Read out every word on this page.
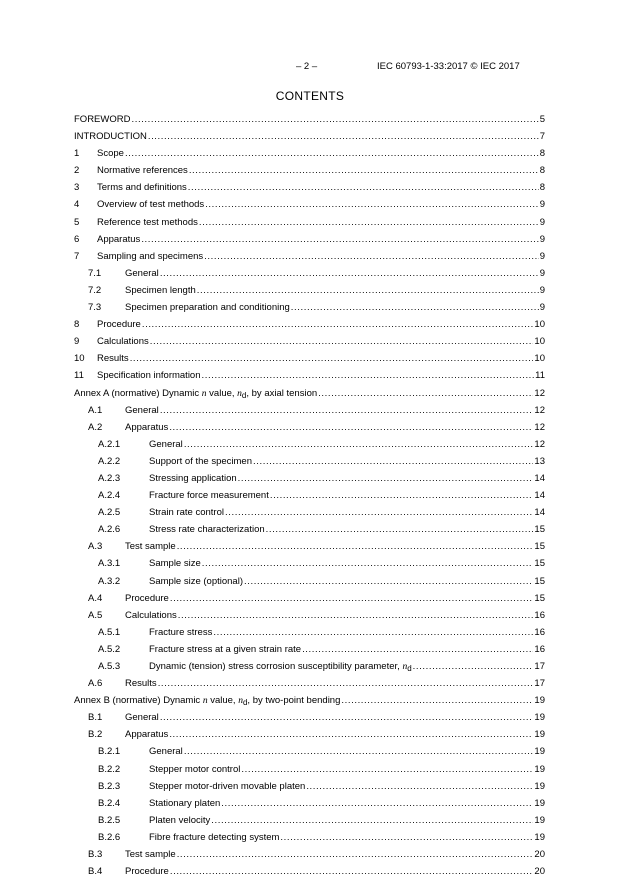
– 2 –	IEC 60793-1-33:2017 © IEC 2017
CONTENTS
FOREWORD .....	5
INTRODUCTION .....	7
1 Scope .....	8
2 Normative references .....	8
3 Terms and definitions .....	8
4 Overview of test methods .....	9
5 Reference test methods .....	9
6 Apparatus .....	9
7 Sampling and specimens .....	9
7.1	General .....	9
7.2	Specimen length .....	9
7.3	Specimen preparation and conditioning .....	9
8 Procedure .....	10
9 Calculations .....	10
10 Results .....	10
11 Specification information .....	11
Annex A (normative) Dynamic n value, $n_d$, by axial tension .....	12
A.1 General .....	12
A.2 Apparatus .....	12
A.2.1	General .....	12
A.2.2	Support of the specimen .....	13
A.2.3	Stressing application .....	14
A.2.4	Fracture force measurement .....	14
A.2.5	Strain rate control .....	14
A.2.6	Stress rate characterization .....	15
A.3 Test sample .....	15
A.3.1	Sample size .....	15
A.3.2	Sample size (optional) .....	15
A.4 Procedure .....	15
A.5 Calculations .....	16
A.5.1	Fracture stress .....	16
A.5.2	Fracture stress at a given strain rate .....	16
A.5.3	Dynamic (tension) stress corrosion susceptibility parameter, $n_d$ .....	17
A.6 Results .....	17
Annex B (normative) Dynamic n value, $n_d$, by two-point bending .....	19
B.1 General .....	19
B.2 Apparatus .....	19
B.2.1	General .....	19
B.2.2	Stepper motor control .....	19
B.2.3	Stepper motor-driven movable platen .....	19
B.2.4	Stationary platen .....	19
B.2.5	Platen velocity .....	19
B.2.6	Fibre fracture detecting system .....	19
B.3 Test sample .....	20
B.4 Procedure .....	20
